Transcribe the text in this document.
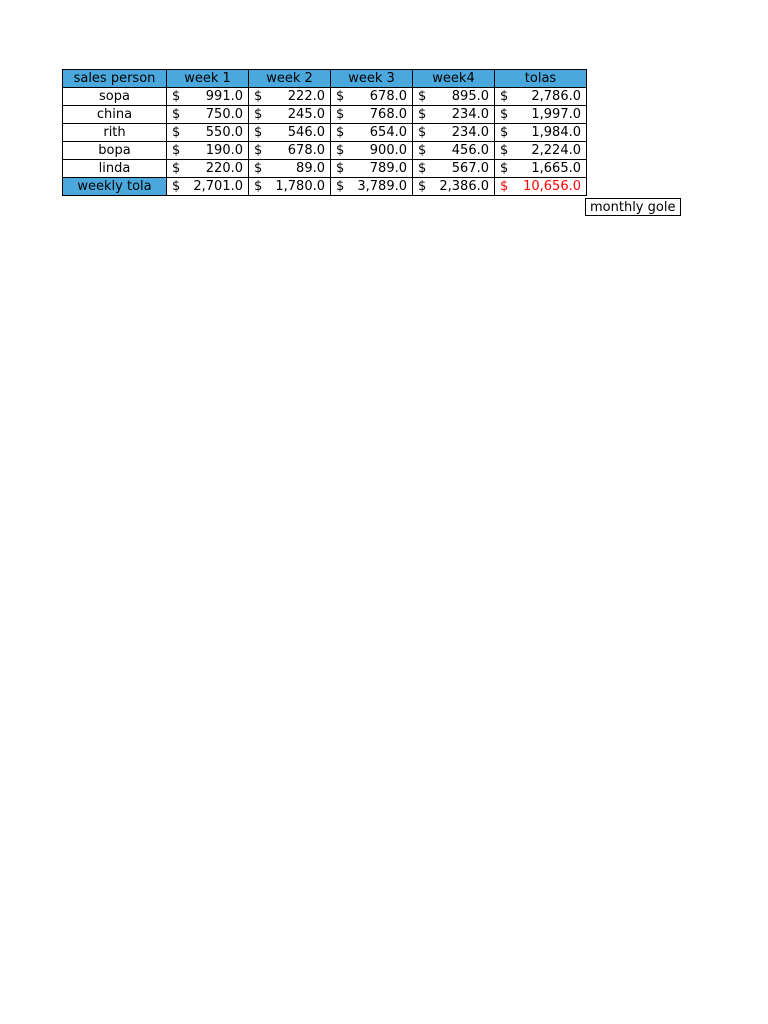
sales person	week 1	week 2	week 3	week4	tolas
sopa	$ 991.0	$ 222.0	$ 678.0	$ 895.0	$ 2,786.0

china	$ 750.0	$ 245.0	$ 768.0	$ 234.0	$ 1,997.0

rith	$ 550.0	$ 546.0	$ 654.0	$ 234.0	$ 1,984.0

bopa	$ 190.0	$ 678.0	$ 900.0	$ 456.0	$ 2,224.0

linda	$ 220.0	$ 89.0	$ 789.0	$ 567.0	$ 1,665.0

weekly tola	$ 2,701.0	$ 1,780.0	$ 3,789.0	$ 2,386.0	$ 10,656.0
monthly gole
